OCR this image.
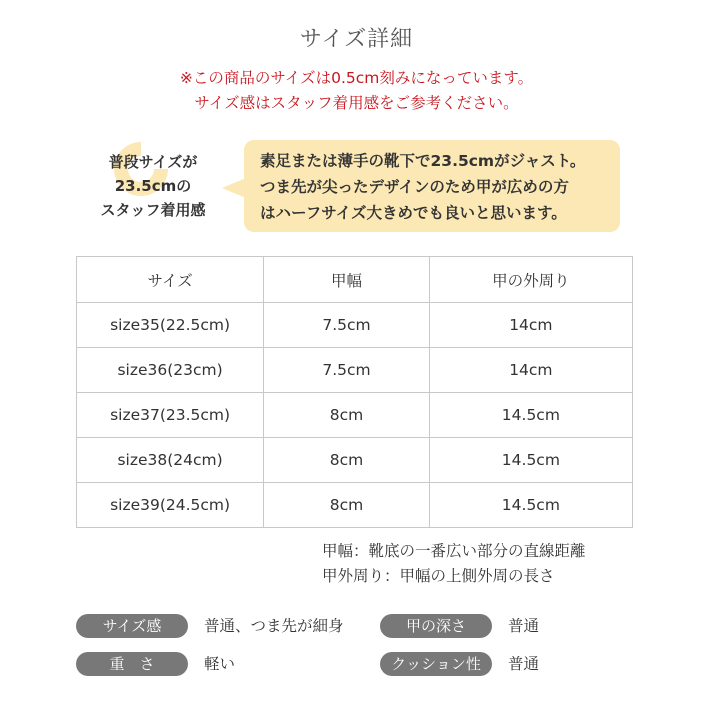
サイズ詳細
※この商品のサイズは0.5cm刻みになっています。
サイズ感はスタッフ着用感をご参考ください。
普段サイズが
23.5cmの
スタッフ着用感
素足または薄手の靴下で23.5cmがジャスト。
つま先が尖ったデザインのため甲が広めの方
はハーフサイズ大きめでも良いと思います。
サイズ	甲幅	甲の外周り
size35(22.5cm)	7.5cm	14cm
size36(23cm)	7.5cm	14cm
size37(23.5cm)	8cm	14.5cm
size38(24cm)	8cm	14.5cm
size39(24.5cm)	8cm	14.5cm
甲幅：靴底の一番広い部分の直線距離
甲外周り：甲幅の上側外周の長さ
サイズ感	普通、つま先が細身	甲の深さ	普通
重　さ	軽い	クッション性	普通
